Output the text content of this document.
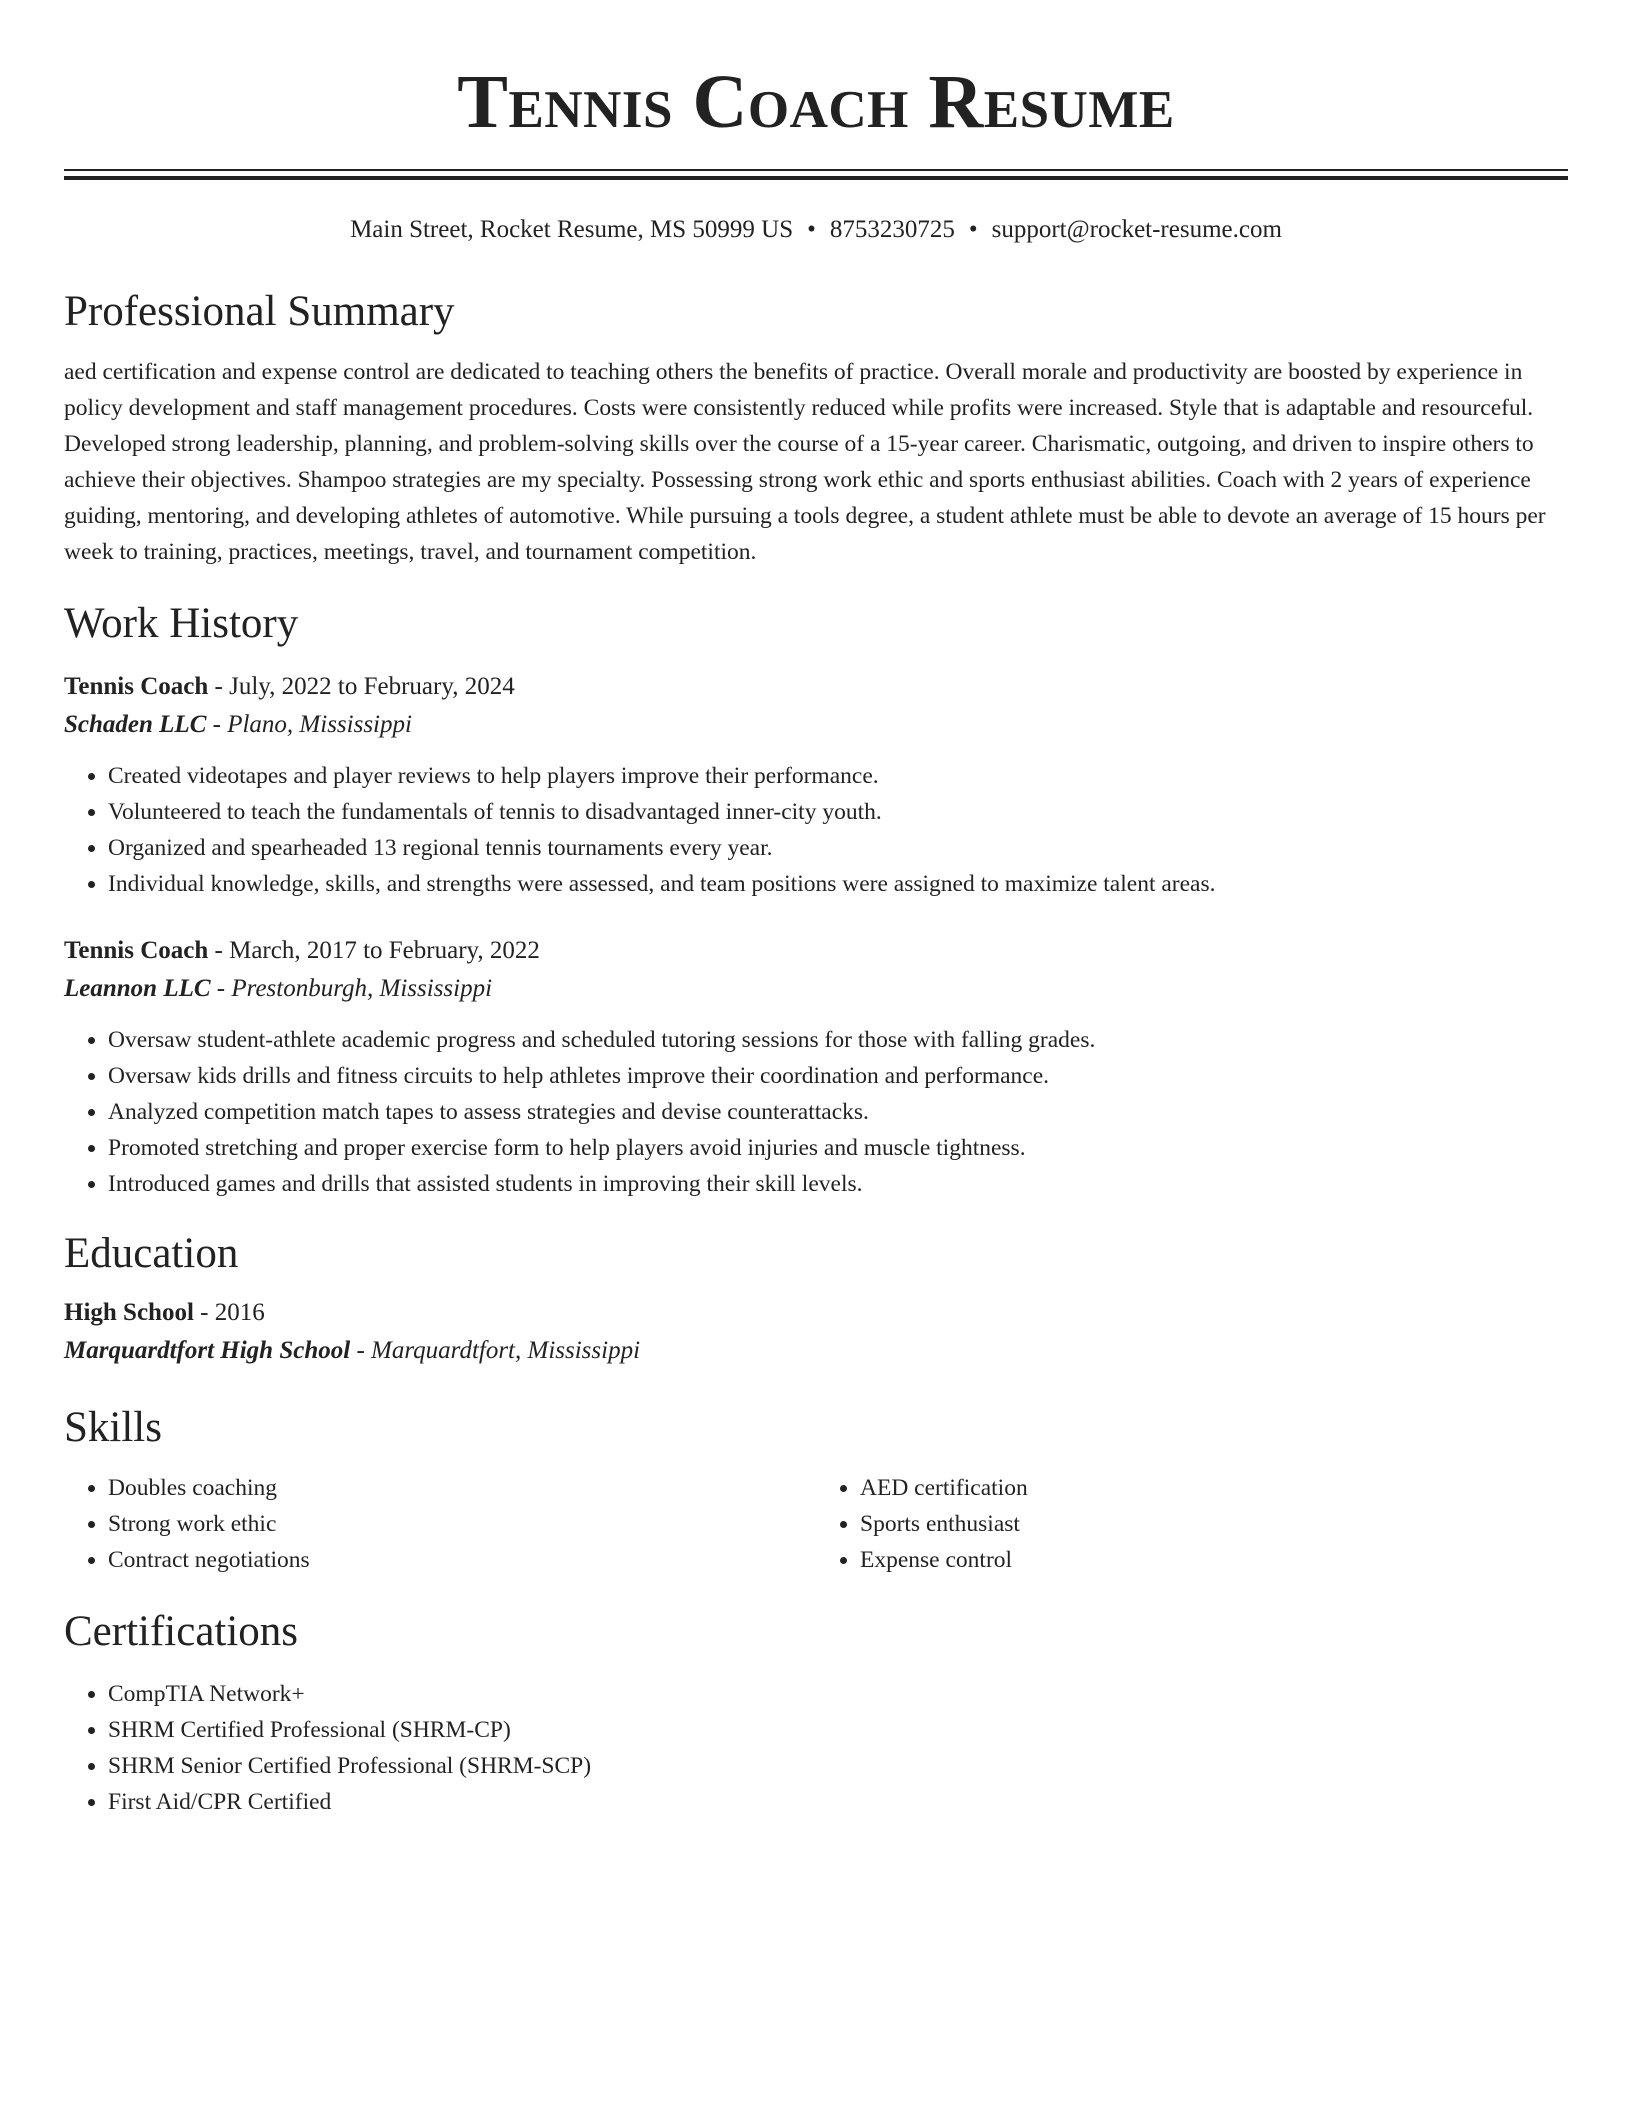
Tennis Coach Resume
Main Street, Rocket Resume, MS 50999 US • 8753230725 • support@rocket-resume.com
Professional Summary

aed certification and expense control are dedicated to teaching others the benefits of practice. Overall morale and productivity are boosted by experience in policy development and staff management procedures. Costs were consistently reduced while profits were increased. Style that is adaptable and resourceful. Developed strong leadership, planning, and problem-solving skills over the course of a 15-year career. Charismatic, outgoing, and driven to inspire others to achieve their objectives. Shampoo strategies are my specialty. Possessing strong work ethic and sports enthusiast abilities. Coach with 2 years of experience guiding, mentoring, and developing athletes of automotive. While pursuing a tools degree, a student athlete must be able to devote an average of 15 hours per week to training, practices, meetings, travel, and tournament competition.

Work History
Tennis Coach - July, 2022 to February, 2024
Schaden LLC - Plano, Mississippi
• Created videotapes and player reviews to help players improve their performance.
• Volunteered to teach the fundamentals of tennis to disadvantaged inner-city youth.
• Organized and spearheaded 13 regional tennis tournaments every year.
• Individual knowledge, skills, and strengths were assessed, and team positions were assigned to maximize talent areas.
Tennis Coach - March, 2017 to February, 2022
Leannon LLC - Prestonburgh, Mississippi
• Oversaw student-athlete academic progress and scheduled tutoring sessions for those with falling grades.
• Oversaw kids drills and fitness circuits to help athletes improve their coordination and performance.
• Analyzed competition match tapes to assess strategies and devise counterattacks.
• Promoted stretching and proper exercise form to help players avoid injuries and muscle tightness.
• Introduced games and drills that assisted students in improving their skill levels.
Education
High School - 2016
Marquardtfort High School - Marquardtfort, Mississippi
Skills
• Doubles coaching
• Strong work ethic
• Contract negotiations
• AED certification
• Sports enthusiast
• Expense control
Certifications
• CompTIA Network+
• SHRM Certified Professional (SHRM-CP)
• SHRM Senior Certified Professional (SHRM-SCP)
• First Aid/CPR Certified
